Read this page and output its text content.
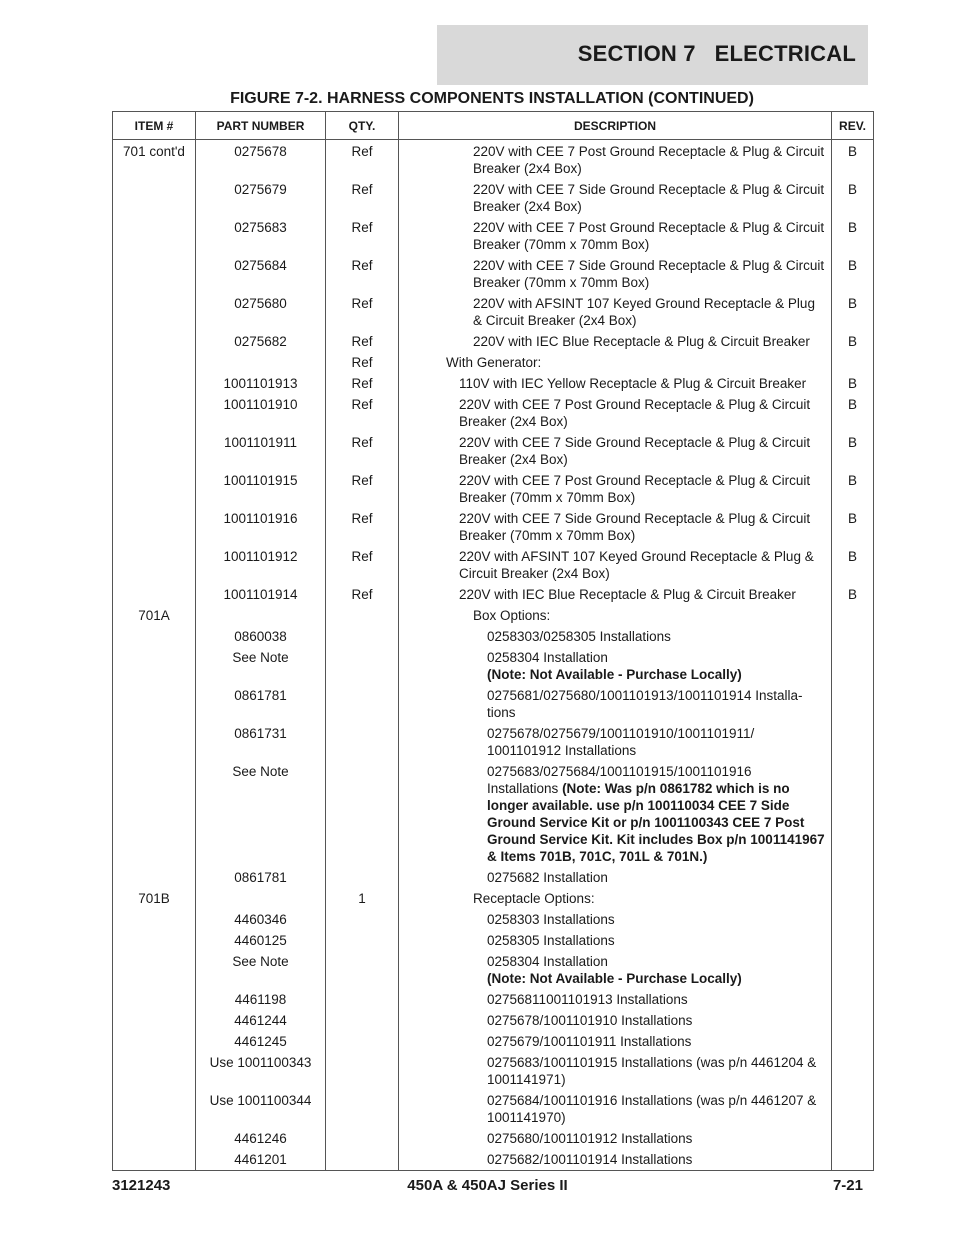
SECTION 7   ELECTRICAL
FIGURE 7-2. HARNESS COMPONENTS INSTALLATION (CONTINUED)
ITEM #	PART NUMBER	QTY.	DESCRIPTION	REV.
701 cont'd	0275678	Ref	220V with CEE 7 Post Ground Receptacle & Plug & Circuit Breaker (2x4 Box)	B
	0275679	Ref	220V with CEE 7 Side Ground Receptacle & Plug & Circuit Breaker (2x4 Box)	B
	0275683	Ref	220V with CEE 7 Post Ground Receptacle & Plug & Circuit Breaker (70mm x 70mm Box)	B
	0275684	Ref	220V with CEE 7 Side Ground Receptacle & Plug & Circuit Breaker (70mm x 70mm Box)	B
	0275680	Ref	220V with AFSINT 107 Keyed Ground Receptacle & Plug & Circuit Breaker (2x4 Box)	B
	0275682	Ref	220V with IEC Blue Receptacle & Plug & Circuit Breaker	B
		Ref	With Generator:	
	1001101913	Ref	110V with IEC Yellow Receptacle & Plug & Circuit Breaker	B
	1001101910	Ref	220V with CEE 7 Post Ground Receptacle & Plug & Circuit Breaker (2x4 Box)	B
	1001101911	Ref	220V with CEE 7 Side Ground Receptacle & Plug & Circuit Breaker (2x4 Box)	B
	1001101915	Ref	220V with CEE 7 Post Ground Receptacle & Plug & Circuit Breaker (70mm x 70mm Box)	B
	1001101916	Ref	220V with CEE 7 Side Ground Receptacle & Plug & Circuit Breaker (70mm x 70mm Box)	B
	1001101912	Ref	220V with AFSINT 107 Keyed Ground Receptacle & Plug & Circuit Breaker (2x4 Box)	B
	1001101914	Ref	220V with IEC Blue Receptacle & Plug & Circuit Breaker	B
701A			Box Options:	
	0860038		0258303/0258305 Installations	
	See Note		0258304 Installation
(Note: Not Available - Purchase Locally)	
	0861781		0275681/0275680/1001101913/1001101914 Installa-tions	
	0861731		0275678/0275679/1001101910/1001101911/ 1001101912 Installations	
	See Note		0275683/0275684/1001101915/1001101916 Installations (Note: Was p/n 0861782 which is no longer available. use p/n 100110034 CEE 7 Side Ground Service Kit or p/n 1001100343 CEE 7 Post Ground Service Kit. Kit includes Box p/n 1001141967 & Items 701B, 701C, 701L & 701N.)	
	0861781		0275682 Installation	
701B		1	Receptacle Options:	
	4460346		0258303 Installations	
	4460125		0258305 Installations	
	See Note		0258304 Installation
(Note: Not Available - Purchase Locally)	
	4461198		02756811001101913 Installations	
	4461244		0275678/1001101910 Installations	
	4461245		0275679/1001101911 Installations	
	Use 1001100343		0275683/1001101915 Installations (was p/n 4461204 & 1001141971)	
	Use 1001100344		0275684/1001101916 Installations (was p/n 4461207 & 1001141970)	
	4461246		0275680/1001101912 Installations	
	4461201		0275682/1001101914 Installations	
3121243	450A & 450AJ Series II	7-21
